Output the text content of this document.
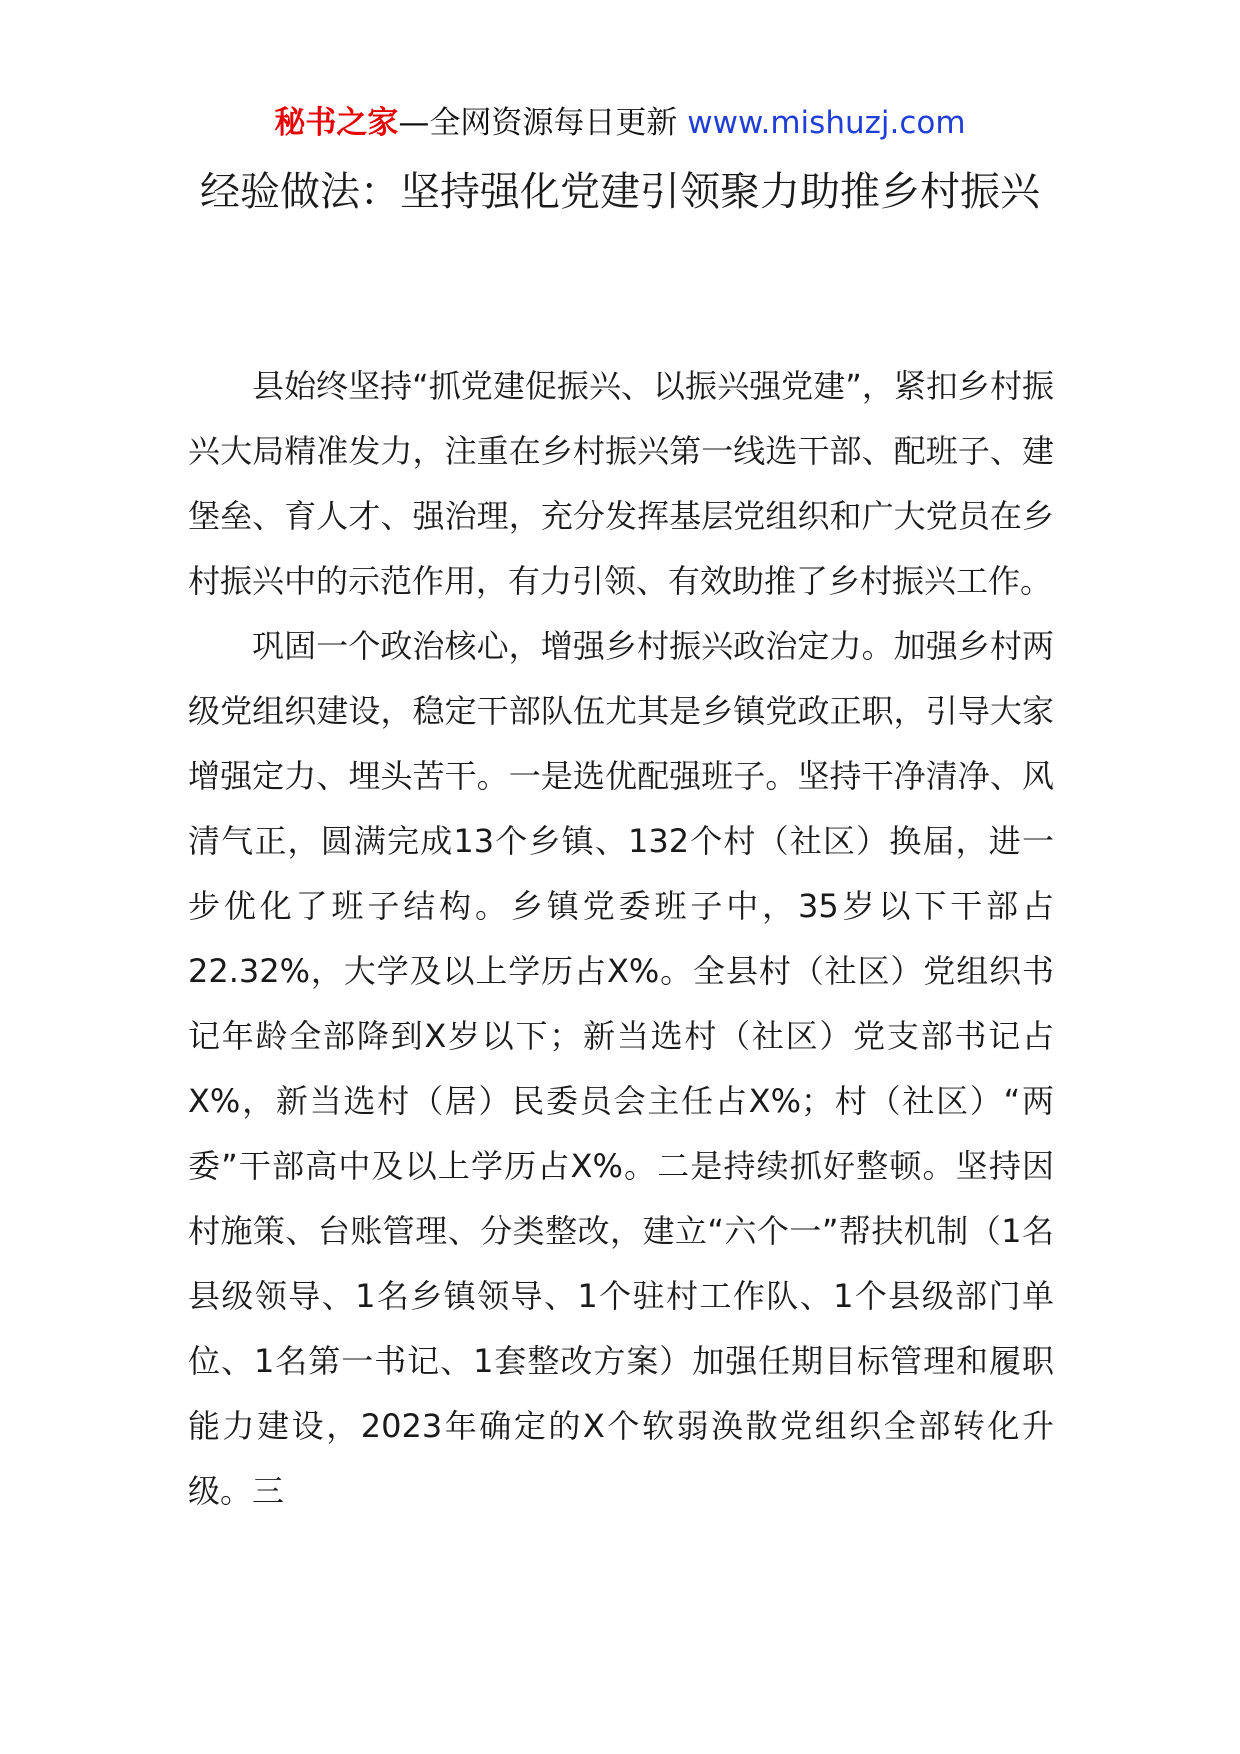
秘书之家—全网资源每日更新 www.mishuzj.com
经验做法：坚持强化党建引领聚力助推乡村振兴

县始终坚持“抓党建促振兴、以振兴强党建”，紧扣乡村振兴大局精准发力，注重在乡村振兴第一线选干部、配班子、建堡垒、育人才、强治理，充分发挥基层党组织和广大党员在乡村振兴中的示范作用，有力引领、有效助推了乡村振兴工作。

巩固一个政治核心，增强乡村振兴政治定力。加强乡村两级党组织建设，稳定干部队伍尤其是乡镇党政正职，引导大家增强定力、埋头苦干。一是选优配强班子。坚持干净清净、风清气正，圆满完成13个乡镇、132个村（社区）换届，进一步优化了班子结构。乡镇党委班子中，35岁以下干部占22.32%，大学及以上学历占X%。全县村（社区）党组织书记年龄全部降到X岁以下；新当选村（社区）党支部书记占X%，新当选村（居）民委员会主任占X%；村（社区）“两委”干部高中及以上学历占X%。二是持续抓好整顿。坚持因村施策、台账管理、分类整改，建立“六个一”帮扶机制（1名县级领导、1名乡镇领导、1个驻村工作队、1个县级部门单位、1名第一书记、1套整改方案）加强任期目标管理和履职能力建设，2023年确定的X个软弱涣散党组织全部转化升级。三
